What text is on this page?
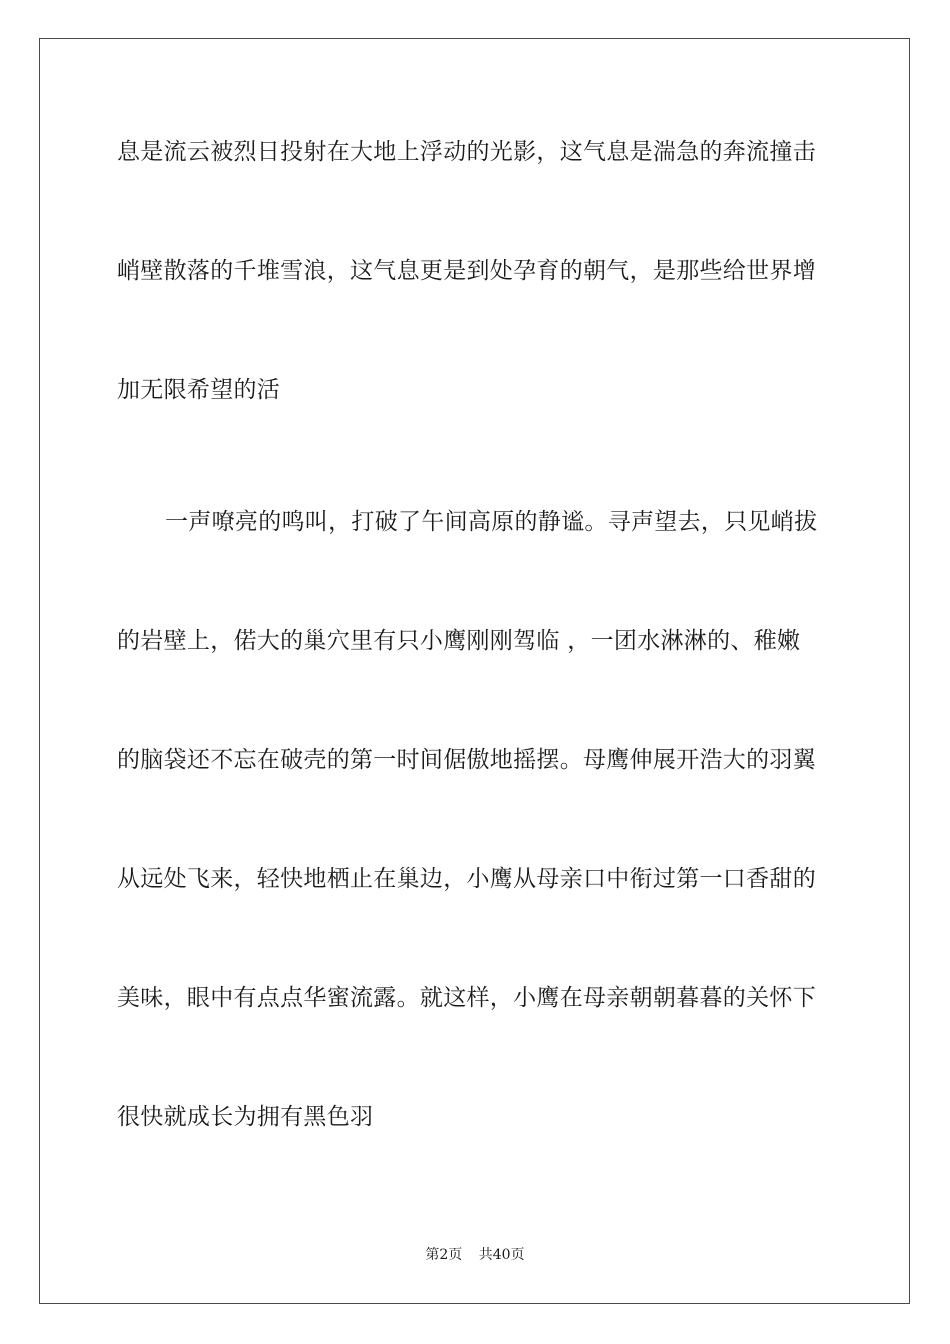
息是流云被烈日投射在大地上浮动的光影，这气息是湍急的奔流撞击
峭壁散落的千堆雪浪，这气息更是到处孕育的朝气，是那些给世界增
加无限希望的活
一声嘹亮的鸣叫，打破了午间高原的静谧。寻声望去，只见峭拔
的岩壁上，偌大的巢穴里有只小鹰刚刚驾临 ，一团水淋淋的、稚嫩
的脑袋还不忘在破壳的第一时间倨傲地摇摆。母鹰伸展开浩大的羽翼
从远处飞来，轻快地栖止在巢边，小鹰从母亲口中衔过第一口香甜的
美味，眼中有点点华蜜流露。就这样，小鹰在母亲朝朝暮暮的关怀下
很快就成长为拥有黑色羽
第2页 共40页
